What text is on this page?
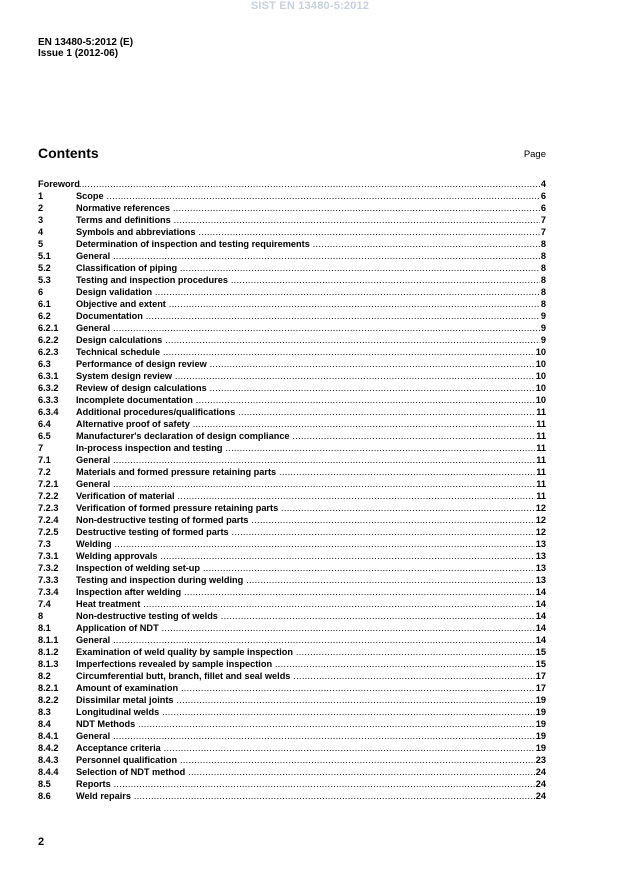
SIST EN 13480-5:2012
EN 13480-5:2012 (E)
Issue 1 (2012-06)
Contents	Page
Foreword .....	4
1	Scope .....	6
2	Normative references .....	6
3	Terms and definitions .....	7
4	Symbols and abbreviations .....	7
5	Determination of inspection and testing requirements .....	8
5.1	General .....	8
5.2	Classification of piping .....	8
5.3	Testing and inspection procedures .....	8
6	Design validation .....	8
6.1	Objective and extent .....	8
6.2	Documentation .....	9
6.2.1	General .....	9
6.2.2	Design calculations .....	9
6.2.3	Technical schedule .....	10
6.3	Performance of design review .....	10
6.3.1	System design review .....	10
6.3.2	Review of design calculations .....	10
6.3.3	Incomplete documentation .....	10
6.3.4	Additional procedures/qualifications .....	11
6.4	Alternative proof of safety .....	11
6.5	Manufacturer's declaration of design compliance .....	11
7	In-process inspection and testing .....	11
7.1	General .....	11
7.2	Materials and formed pressure retaining parts .....	11
7.2.1	General .....	11
7.2.2	Verification of material .....	11
7.2.3	Verification of formed pressure retaining parts .....	12
7.2.4	Non-destructive testing of formed parts .....	12
7.2.5	Destructive testing of formed parts .....	12
7.3	Welding .....	13
7.3.1	Welding approvals .....	13
7.3.2	Inspection of welding set-up .....	13
7.3.3	Testing and inspection during welding .....	13
7.3.4	Inspection after welding .....	14
7.4	Heat treatment .....	14
8	Non-destructive testing of welds .....	14
8.1	Application of NDT .....	14
8.1.1	General .....	14
8.1.2	Examination of weld quality by sample inspection .....	15
8.1.3	Imperfections revealed by sample inspection .....	15
8.2	Circumferential butt, branch, fillet and seal welds .....	17
8.2.1	Amount of examination .....	17
8.2.2	Dissimilar metal joints .....	19
8.3	Longitudinal welds .....	19
8.4	NDT Methods .....	19
8.4.1	General .....	19
8.4.2	Acceptance criteria .....	19
8.4.3	Personnel qualification .....	23
8.4.4	Selection of NDT method .....	24
8.5	Reports .....	24
8.6	Weld repairs .....	24
2
